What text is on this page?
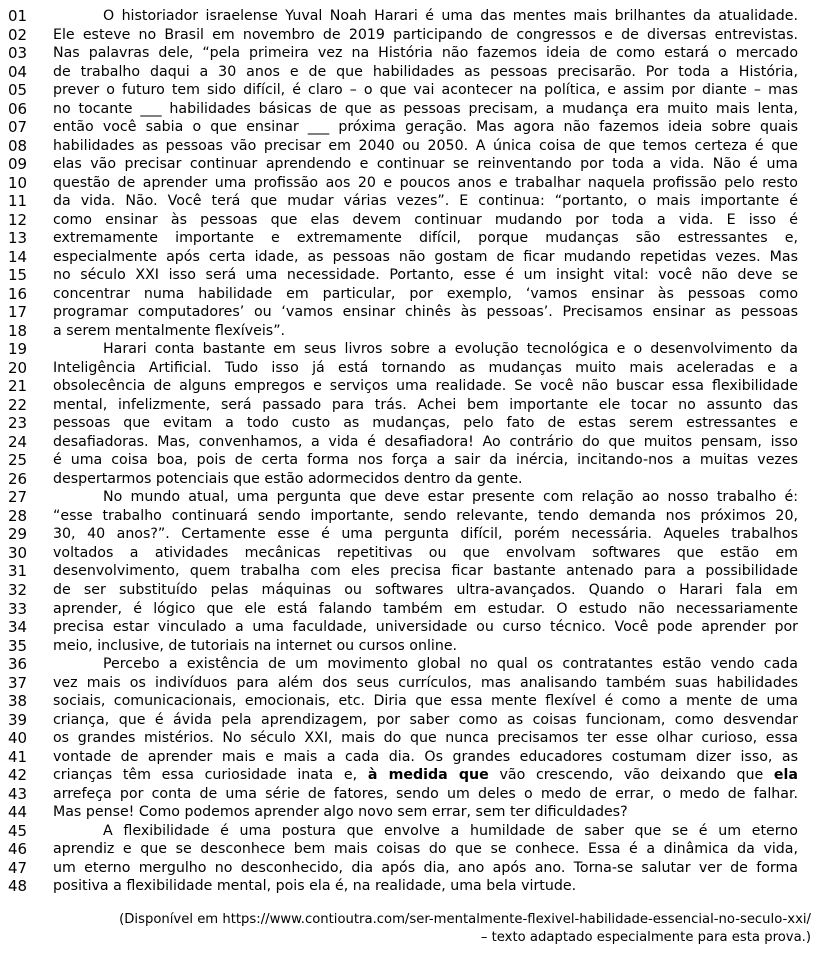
01	O historiador israelense Yuval Noah Harari é uma das mentes mais brilhantes da atualidade.
02	Ele esteve no Brasil em novembro de 2019 participando de congressos e de diversas entrevistas.
03	Nas palavras dele, “pela primeira vez na História não fazemos ideia de como estará o mercado
04	de trabalho daqui a 30 anos e de que habilidades as pessoas precisarão. Por toda a História,
05	prever o futuro tem sido difícil, é claro – o que vai acontecer na política, e assim por diante – mas
06	no tocante ___ habilidades básicas de que as pessoas precisam, a mudança era muito mais lenta,
07	então você sabia o que ensinar ___ próxima geração. Mas agora não fazemos ideia sobre quais
08	habilidades as pessoas vão precisar em 2040 ou 2050. A única coisa de que temos certeza é que
09	elas vão precisar continuar aprendendo e continuar se reinventando por toda a vida. Não é uma
10	questão de aprender uma profissão aos 20 e poucos anos e trabalhar naquela profissão pelo resto
11	da vida. Não. Você terá que mudar várias vezes”. E continua: “portanto, o mais importante é
12	como ensinar às pessoas que elas devem continuar mudando por toda a vida. E isso é
13	extremamente importante e extremamente difícil, porque mudanças são estressantes e,
14	especialmente após certa idade, as pessoas não gostam de ficar mudando repetidas vezes. Mas
15	no século XXI isso será uma necessidade. Portanto, esse é um insight vital: você não deve se
16	concentrar numa habilidade em particular, por exemplo, ‘vamos ensinar às pessoas como
17	programar computadores’ ou ‘vamos ensinar chinês às pessoas’. Precisamos ensinar as pessoas
18	a serem mentalmente flexíveis”.
19	Harari conta bastante em seus livros sobre a evolução tecnológica e o desenvolvimento da
20	Inteligência Artificial. Tudo isso já está tornando as mudanças muito mais aceleradas e a
21	obsolecência de alguns empregos e serviços uma realidade. Se você não buscar essa flexibilidade
22	mental, infelizmente, será passado para trás. Achei bem importante ele tocar no assunto das
23	pessoas que evitam a todo custo as mudanças, pelo fato de estas serem estressantes e
24	desafiadoras. Mas, convenhamos, a vida é desafiadora! Ao contrário do que muitos pensam, isso
25	é uma coisa boa, pois de certa forma nos força a sair da inércia, incitando-nos a muitas vezes
26	despertarmos potenciais que estão adormecidos dentro da gente.
27	No mundo atual, uma pergunta que deve estar presente com relação ao nosso trabalho é:
28	“esse trabalho continuará sendo importante, sendo relevante, tendo demanda nos próximos 20,
29	30, 40 anos?”. Certamente esse é uma pergunta difícil, porém necessária. Aqueles trabalhos
30	voltados a atividades mecânicas repetitivas ou que envolvam softwares que estão em
31	desenvolvimento, quem trabalha com eles precisa ficar bastante antenado para a possibilidade
32	de ser substituído pelas máquinas ou softwares ultra-avançados. Quando o Harari fala em
33	aprender, é lógico que ele está falando também em estudar. O estudo não necessariamente
34	precisa estar vinculado a uma faculdade, universidade ou curso técnico. Você pode aprender por
35	meio, inclusive, de tutoriais na internet ou cursos online.
36	Percebo a existência de um movimento global no qual os contratantes estão vendo cada
37	vez mais os indivíduos para além dos seus currículos, mas analisando também suas habilidades
38	sociais, comunicacionais, emocionais, etc. Diria que essa mente flexível é como a mente de uma
39	criança, que é ávida pela aprendizagem, por saber como as coisas funcionam, como desvendar
40	os grandes mistérios. No século XXI, mais do que nunca precisamos ter esse olhar curioso, essa
41	vontade de aprender mais e mais a cada dia. Os grandes educadores costumam dizer isso, as
42	crianças têm essa curiosidade inata e, à medida que vão crescendo, vão deixando que ela
43	arrefeça por conta de uma série de fatores, sendo um deles o medo de errar, o medo de falhar.
44	Mas pense! Como podemos aprender algo novo sem errar, sem ter dificuldades?
45	A flexibilidade é uma postura que envolve a humildade de saber que se é um eterno
46	aprendiz e que se desconhece bem mais coisas do que se conhece. Essa é a dinâmica da vida,
47	um eterno mergulho no desconhecido, dia após dia, ano após ano. Torna-se salutar ver de forma
48	positiva a flexibilidade mental, pois ela é, na realidade, uma bela virtude.
(Disponível em https://www.contioutra.com/ser-mentalmente-flexivel-habilidade-essencial-no-seculo-xxi/
– texto adaptado especialmente para esta prova.)
